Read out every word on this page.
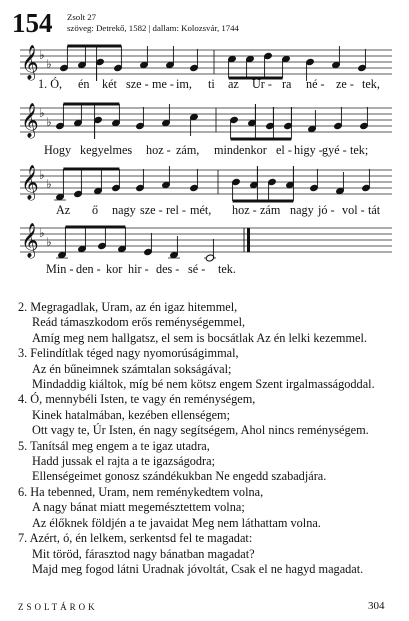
154 Zsolt 27
szöveg: Detrekő, 1582 | dallam: Kolozsvár, 1744
𝄞 ♭
♭
1. Ó, én két sze - me - im, ti az Úr - ra né - ze - tek,
𝄞 ♭
♭
Hogy kegyelmes hoz - zám, mindenkor el - higy - gyé - tek;
𝄞 ♭
♭
Az ő nagy sze - rel - mét, hoz - zám nagy jó - vol - tát
𝄞 ♭
♭
Min - den - kor hir - des - sé - tek.
2. Megragadlak, Uram, az én igaz hitemmel,
Reád támaszkodom erős reménységemmel,
Amíg meg nem hallgatsz, el sem is bocsátlak Az én lelki kezemmel.
3. Felindítlak téged nagy nyomorúságimmal,
Az én bűneimnek számtalan sokságával;
Mindaddig kiáltok, míg bé nem kötsz engem Szent irgalmasságoddal.
4. Ó, mennybéli Isten, te vagy én reménységem,
Kinek hatalmában, kezében ellenségem;
Ott vagy te, Úr Isten, én nagy segítségem, Ahol nincs reménységem.
5. Tanítsál meg engem a te igaz utadra,
Hadd jussak el rajta a te igazságodra;
Ellenségeimet gonosz szándékukban Ne engedd szabadjára.
6. Ha tebenned, Uram, nem reménykedtem volna,
A nagy bánat miatt megemésztettem volna;
Az élőknek földjén a te javaidat Meg nem láthattam volna.
7. Azért, ó, én lelkem, serkentsd fel te magadat:
Mit töröd, fárasztod nagy bánatban magadat?
Majd meg fogod látni Uradnak jóvoltát, Csak el ne hagyd magadat.
ZSOLTÁROK	304
